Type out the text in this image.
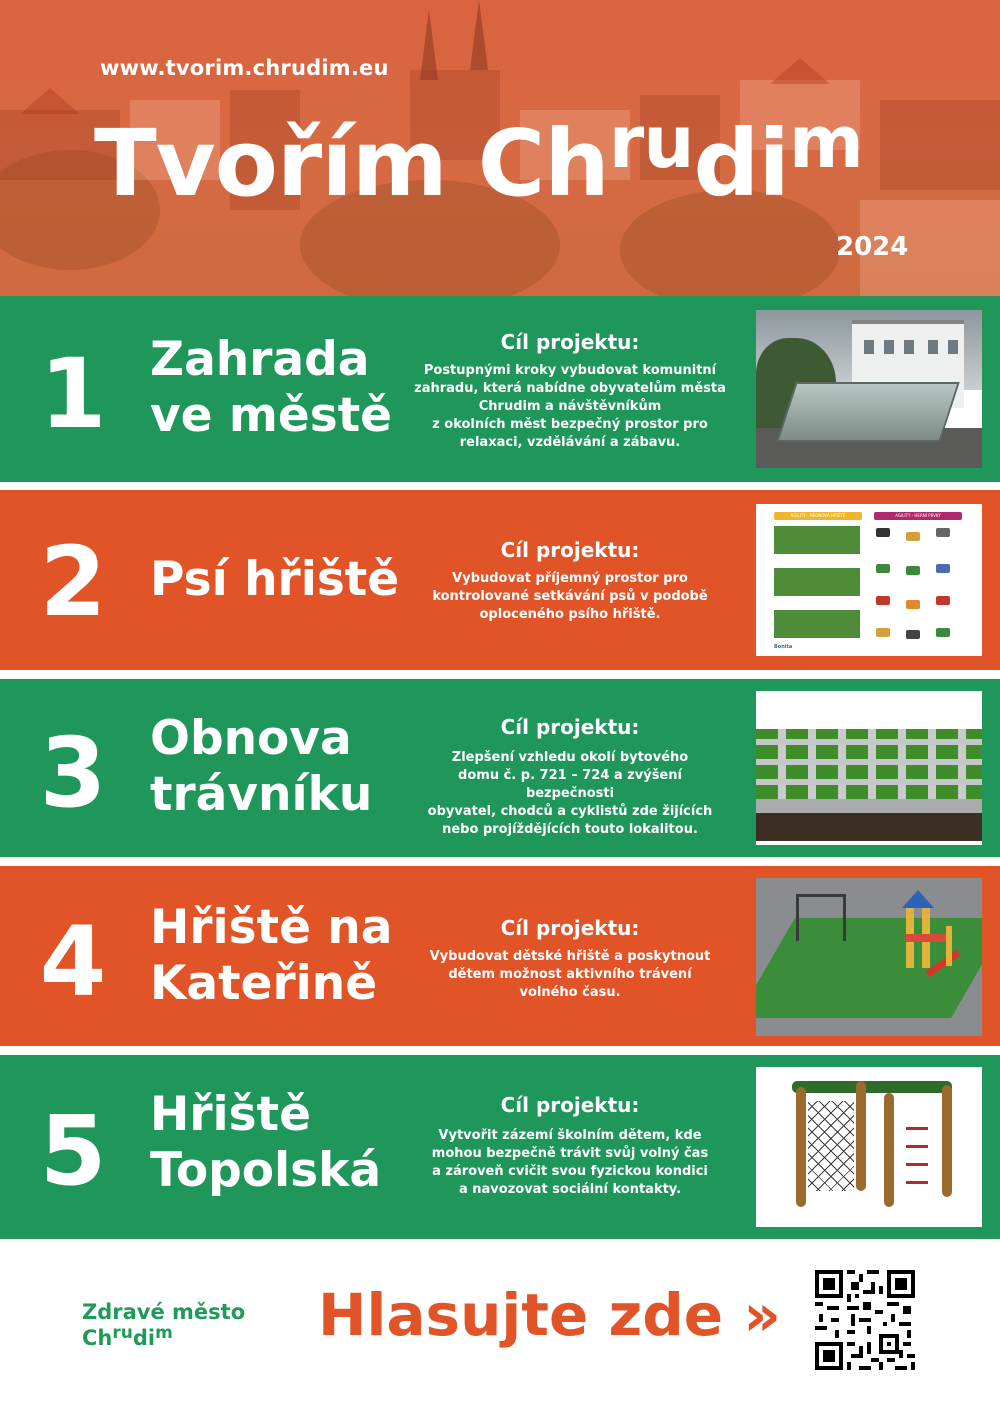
www.tvorim.chrudim.eu
Tvořím $Ch^{ru}di^m$
2024
1 Zahrada
ve městě
Cíl projektu:
Postupnými kroky vybudovat komunitní
zahradu, která nabídne obyvatelům města
Chrudim a návštěvníkům
z okolních měst bezpečný prostor pro
relaxaci, vzdělávání a zábavu.
2 Psí hřiště
Cíl projektu:
Vybudovat příjemný prostor pro
kontrolované setkávání psů v podobě
oploceného psího hřiště.
AGILITY - NEONOVÁ HŘIŠTĚ	AGILITY - HERNÍ PRVKY
Bonita
3 Obnova
trávníku
Cíl projektu:
Zlepšení vzhledu okolí bytového
domu č. p. 721 – 724 a zvýšení bezpečnosti
obyvatel, chodců a cyklistů zde žijících
nebo projíždějících touto lokalitou.
4 Hřiště na
Kateřině
Cíl projektu:
Vybudovat dětské hřiště a poskytnout
dětem možnost aktivního trávení
volného času.
5 Hřiště
Topolská
Cíl projektu:
Vytvořit zázemí školním dětem, kde
mohou bezpečně trávit svůj volný čas
a zároveň cvičit svou fyzickou kondici
a navozovat sociální kontakty.
Zdravé město
$Ch^{ru}di^m$	Hlasujte zde »
